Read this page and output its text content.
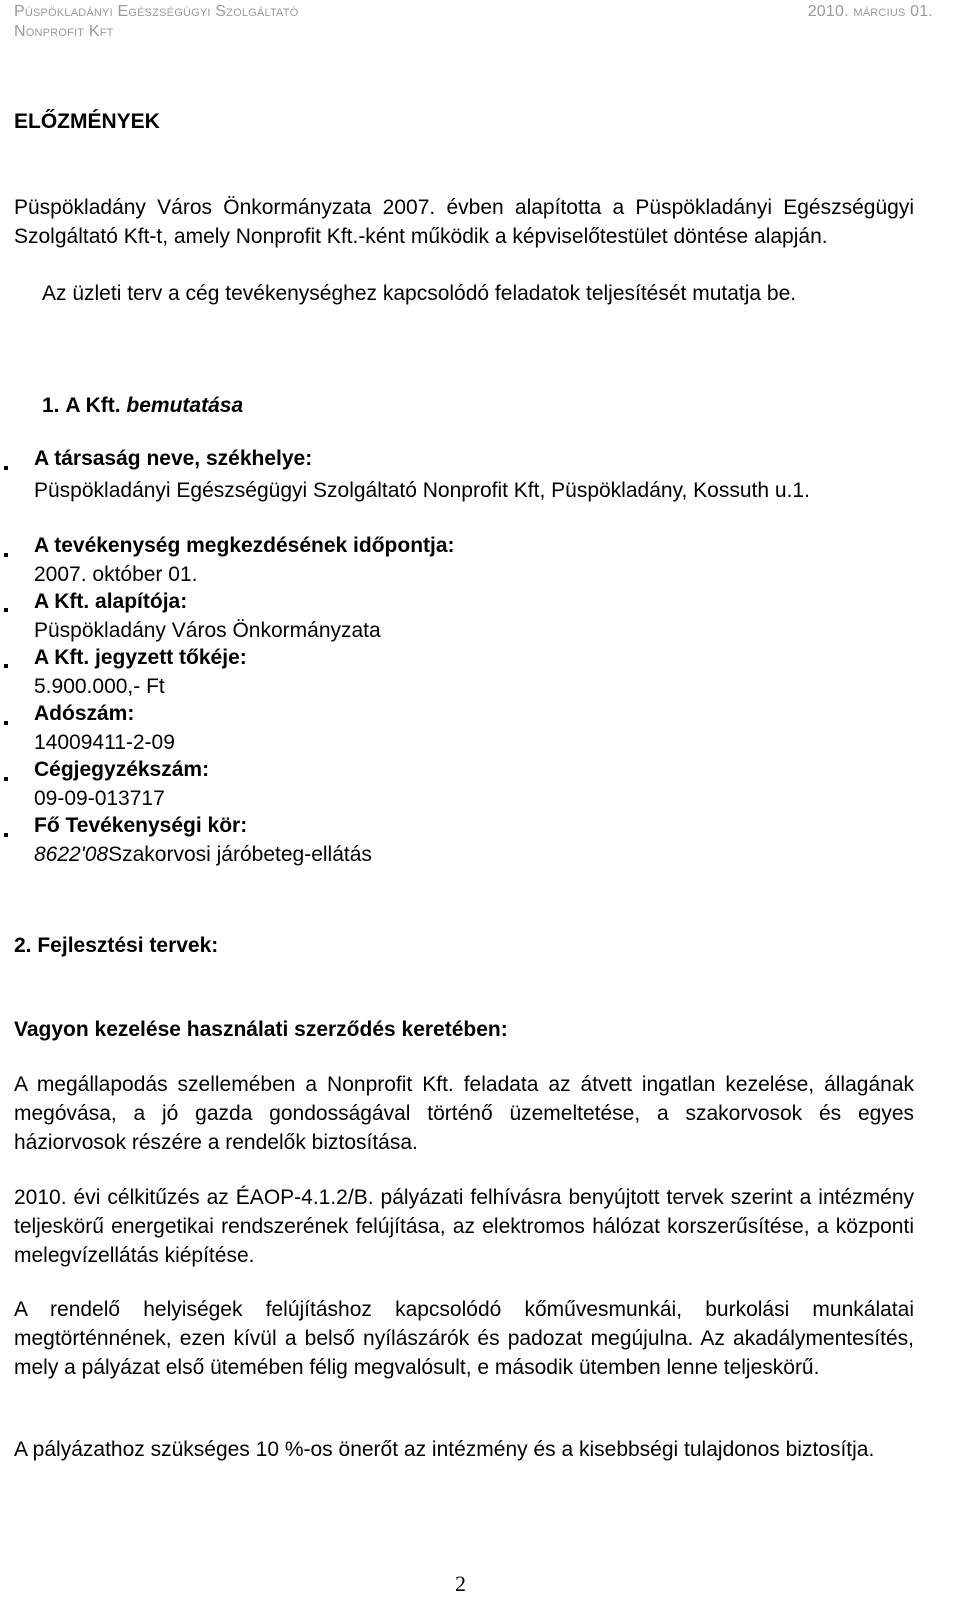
Püspökladányi Egészségügyi Szolgáltató
Nonprofit Kft
2010. március 01.
ELŐZMÉNYEK
Püspökladány Város Önkormányzata 2007. évben alapította a Püspökladányi Egészségügyi Szolgáltató Kft-t, amely Nonprofit Kft.-ként működik a képviselőtestület döntése alapján.
Az üzleti terv a cég tevékenységhez kapcsolódó feladatok teljesítését mutatja be.
1. A Kft. bemutatása
A társaság neve, székhelye:
Püspökladányi Egészségügyi Szolgáltató Nonprofit Kft, Püspökladány, Kossuth u.1.
A tevékenység megkezdésének időpontja:
2007. október 01.
A Kft. alapítója:
Püspökladány Város Önkormányzata
A Kft. jegyzett tőkéje:
5.900.000,- Ft
Adószám:
14009411-2-09
Cégjegyzékszám:
09-09-013717
Fő Tevékenységi kör:
8622'08Szakorvosi járóbeteg-ellátás
2. Fejlesztési tervek:
Vagyon kezelése használati szerződés keretében:
A megállapodás szellemében a Nonprofit Kft. feladata az átvett ingatlan kezelése, állagának megóvása, a jó gazda gondosságával történő üzemeltetése, a szakorvosok és egyes háziorvosok részére a rendelők biztosítása.
2010. évi célkitűzés az ÉAOP-4.1.2/B. pályázati felhívásra benyújtott tervek szerint a intézmény teljeskörű energetikai rendszerének felújítása, az elektromos hálózat korszerűsítése, a központi melegvízellátás kiépítése.
A rendelő helyiségek felújításhoz kapcsolódó kőművesmunkái, burkolási munkálatai megtörténnének, ezen kívül a belső nyílászárók és padozat megújulna. Az akadálymentesítés, mely a pályázat első ütemében félig megvalósult, e második ütemben lenne teljeskörű.
A pályázathoz szükséges 10 %-os önerőt az intézmény és a kisebbségi tulajdonos biztosítja.
2
